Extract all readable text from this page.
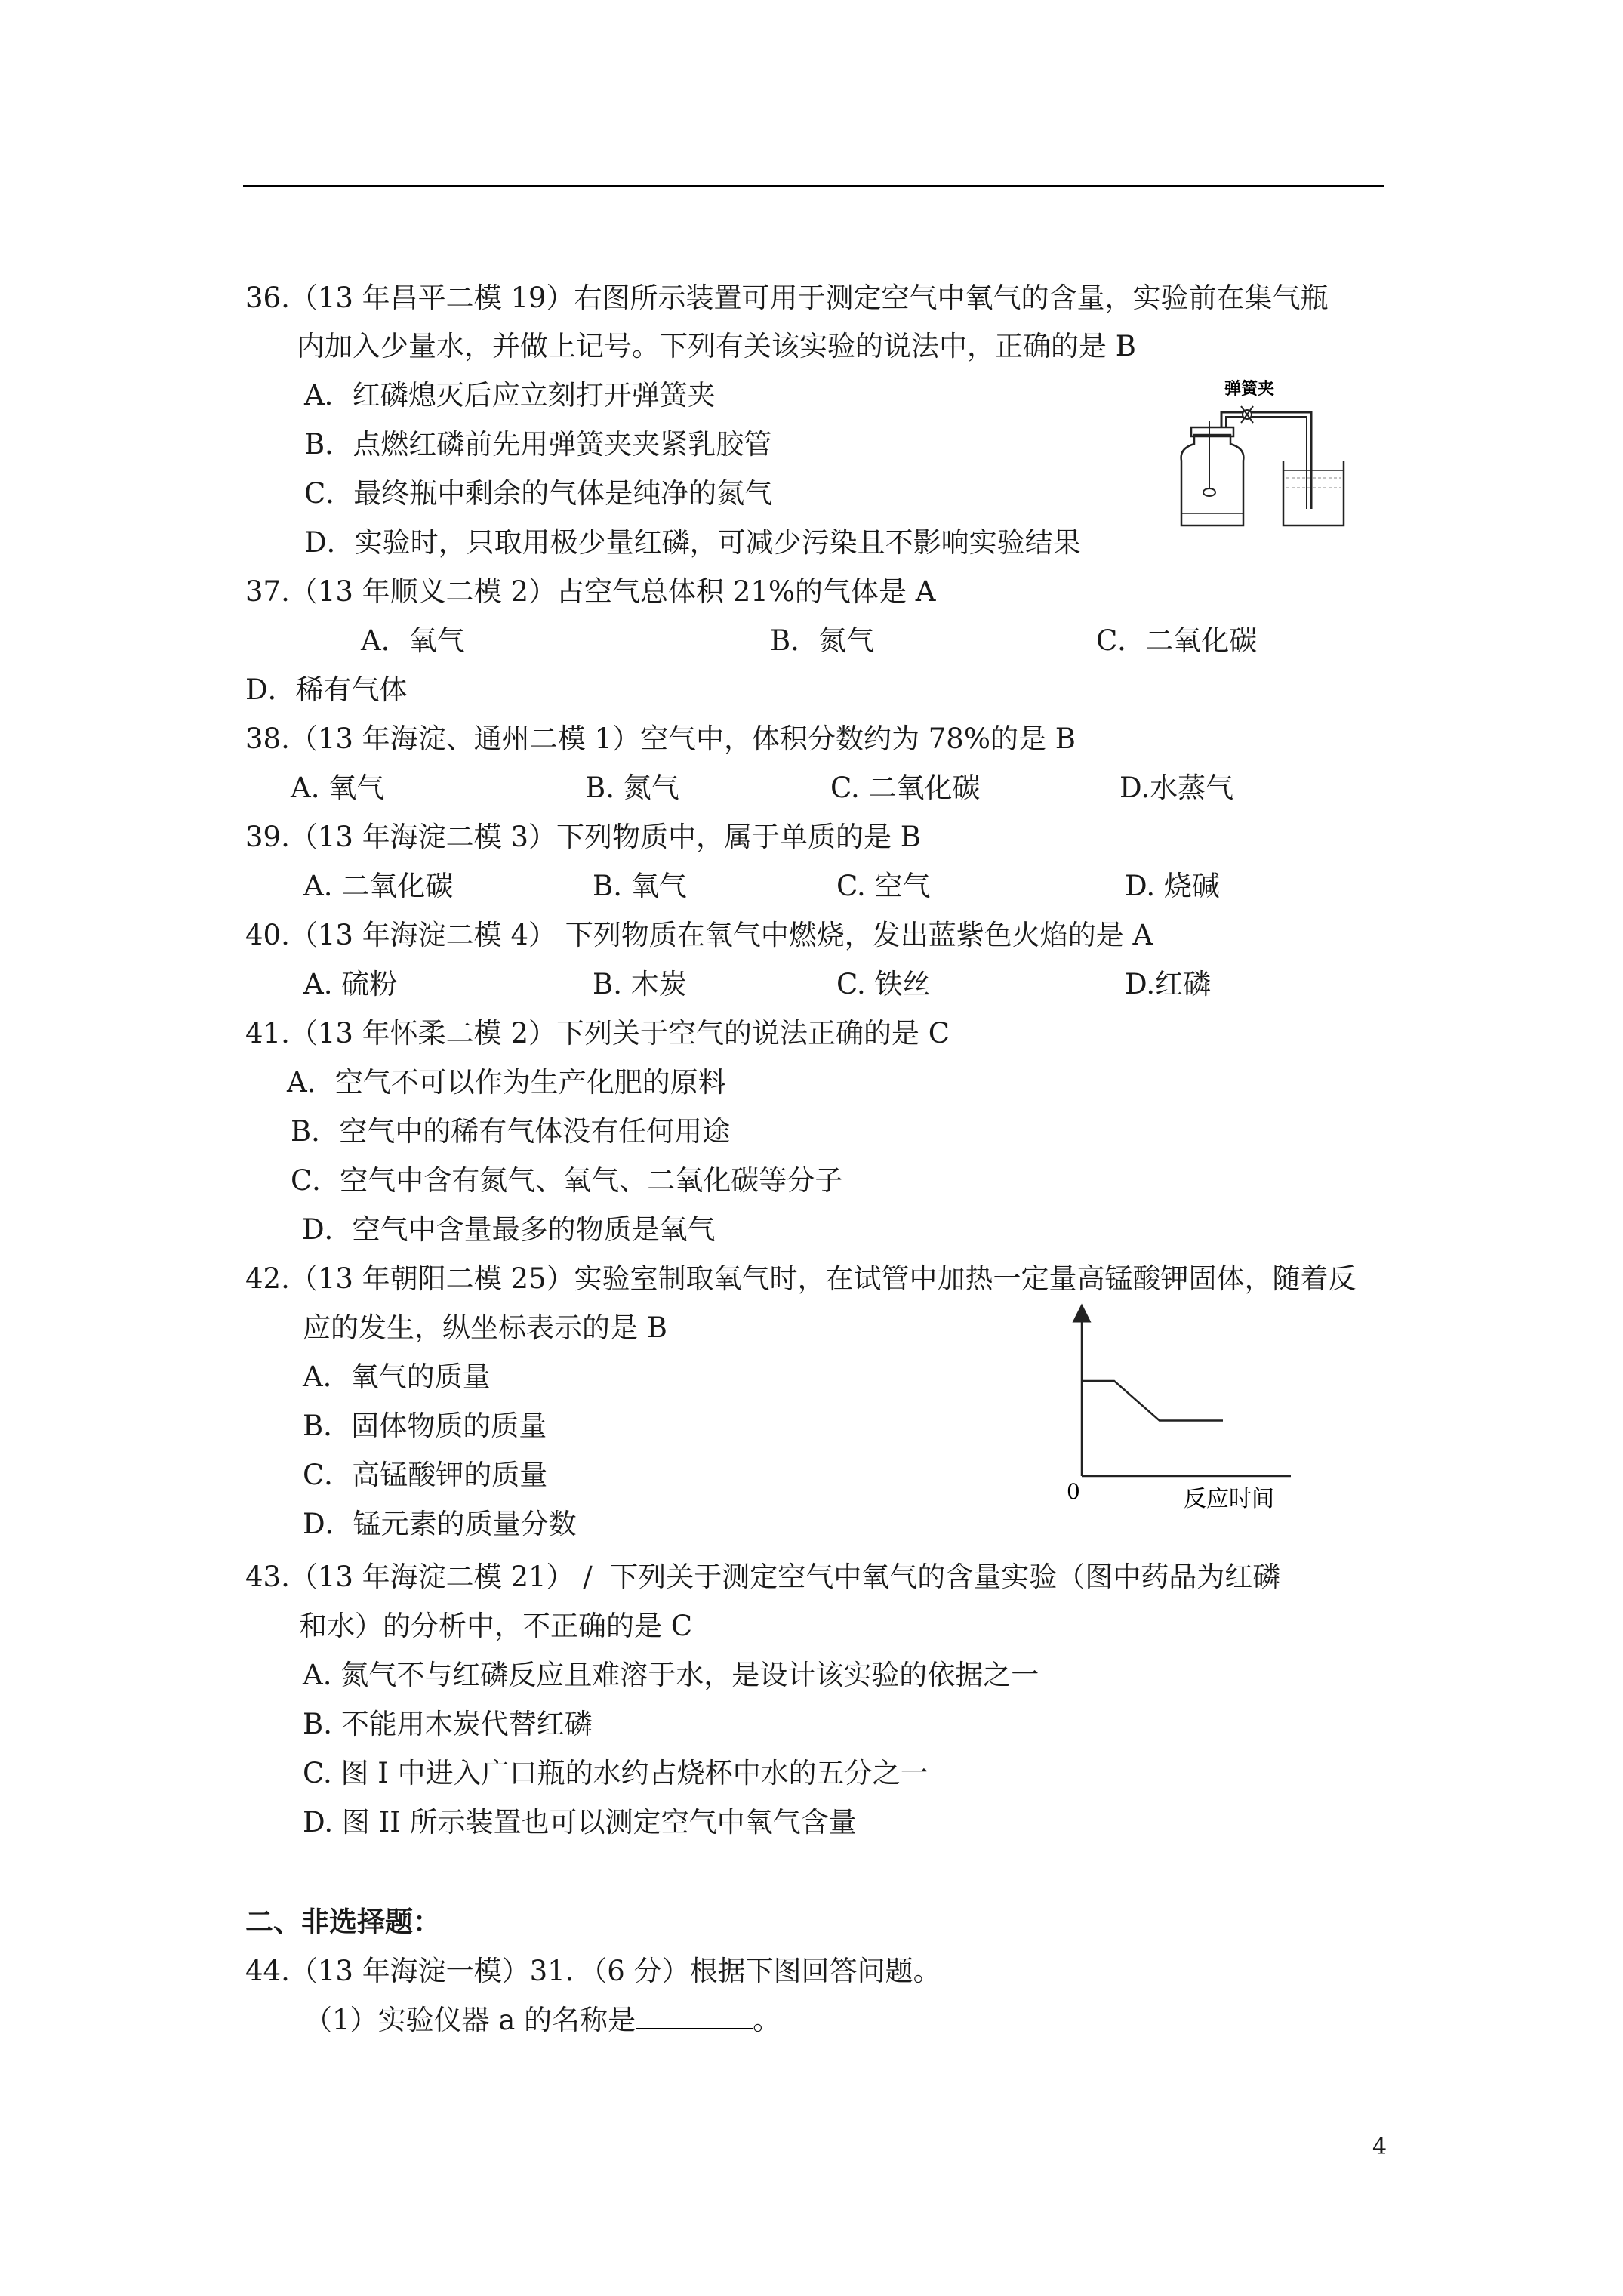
36.（13 年昌平二模 19）右图所示装置可用于测定空气中氧气的含量，实验前在集气瓶
内加入少量水，并做上记号。下列有关该实验的说法中，正确的是 B
A．红磷熄灭后应立刻打开弹簧夹
B．点燃红磷前先用弹簧夹夹紧乳胶管
C．最终瓶中剩余的气体是纯净的氮气
D．实验时，只取用极少量红磷，可减少污染且不影响实验结果
弹簧夹
37.（13 年顺义二模 2）占空气总体积 21%的气体是 A
A．氧气	B．氮气	C．二氧化碳
D．稀有气体
38.（13 年海淀、通州二模 1）空气中，体积分数约为 78%的是 B
A. 氧气	B. 氮气	C. 二氧化碳	D.水蒸气
39.（13 年海淀二模 3）下列物质中，属于单质的是 B
A. 二氧化碳	B. 氧气	C. 空气	D. 烧碱
40.（13 年海淀二模 4） 下列物质在氧气中燃烧，发出蓝紫色火焰的是 A
A. 硫粉	B. 木炭	C. 铁丝	D.红磷
41.（13 年怀柔二模 2）下列关于空气的说法正确的是 C
A．空气不可以作为生产化肥的原料
B．空气中的稀有气体没有任何用途
C．空气中含有氮气、氧气、二氧化碳等分子
D．空气中含量最多的物质是氧气
42.（13 年朝阳二模 25）实验室制取氧气时，在试管中加热一定量高锰酸钾固体，随着反
应的发生，纵坐标表示的是 B
A．氧气的质量
B．固体物质的质量
C．高锰酸钾的质量
D．锰元素的质量分数
0	反应时间
43.（13 年海淀二模 21） /  下列关于测定空气中氧气的含量实验（图中药品为红磷
和水）的分析中，不正确的是 C
A. 氮气不与红磷反应且难溶于水，是设计该实验的依据之一
B. 不能用木炭代替红磷
C. 图 I 中进入广口瓶的水约占烧杯中水的五分之一
D. 图 II 所示装置也可以测定空气中氧气含量
二、非选择题：
44.（13 年海淀一模）31．（6 分）根据下图回答问题。
（1）实验仪器 a 的名称是	。
4
